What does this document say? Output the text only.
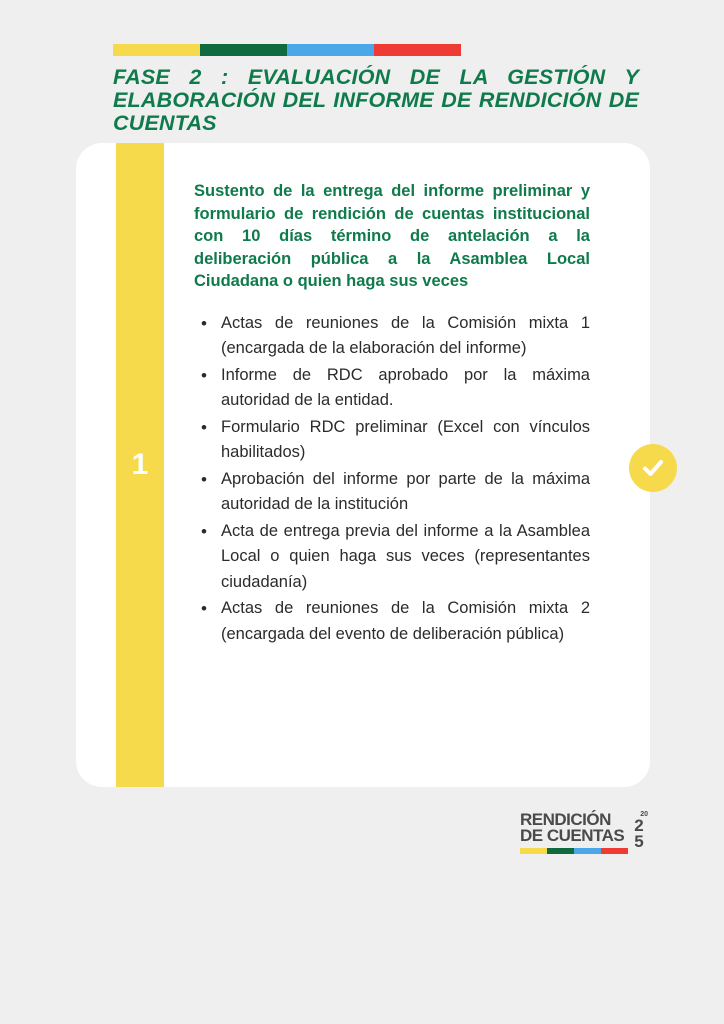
FASE 2 : EVALUACIÓN DE LA GESTIÓN Y ELABORACIÓN DEL INFORME DE RENDICIÓN DE CUENTAS
1

Sustento de la entrega del informe preliminar y formulario de rendición de cuentas institucional con 10 días término de antelación a la deliberación pública a la Asamblea Local Ciudadana o quien haga sus veces

• Actas de reuniones de la Comisión mixta 1 (encargada de la elaboración del informe)
• Informe de RDC aprobado por la máxima autoridad de la entidad.
• Formulario RDC preliminar (Excel con vínculos habilitados)
• Aprobación del informe por parte de la máxima autoridad de la institución
• Acta de entrega previa del informe a la Asamblea Local o quien haga sus veces (representantes ciudadanía)
• Actas de reuniones de la Comisión mixta 2 (encargada del evento de deliberación pública)
RENDICIÓN
DE CUENTAS
20
2
5
